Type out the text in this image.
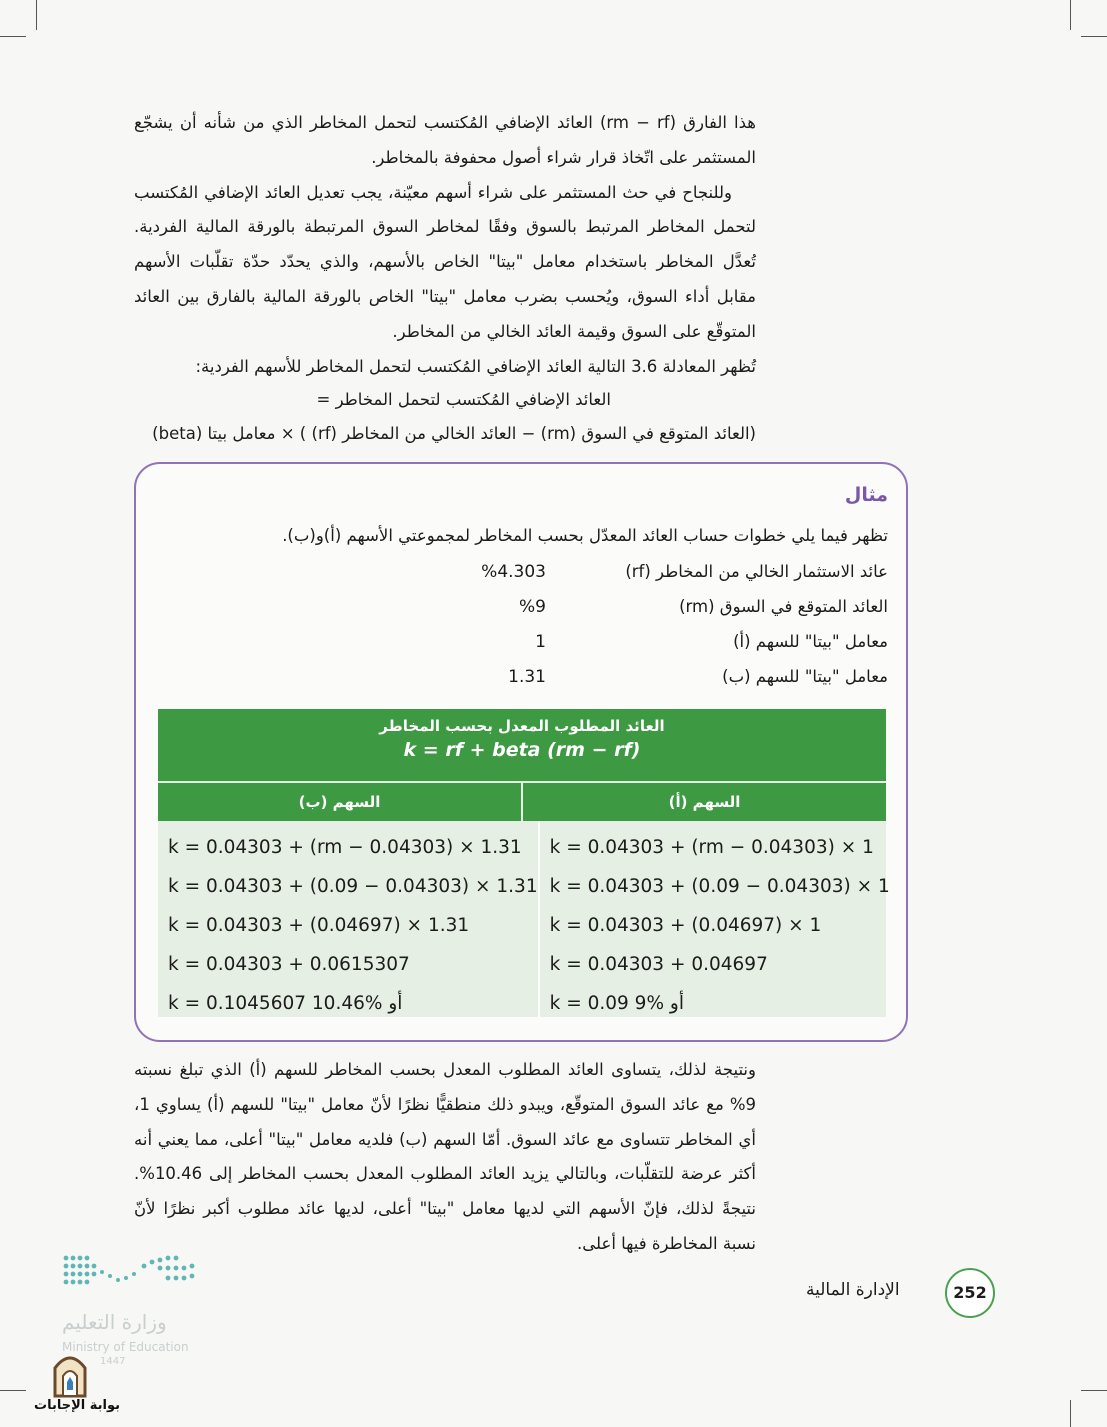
هذا الفارق (rm − rf) العائد الإضافي المُكتسب لتحمل المخاطر الذي من شأنه أن يشجّع المستثمر على اتّخاذ قرار شراء أصول محفوفة بالمخاطر.

وللنجاح في حث المستثمر على شراء أسهم معيّنة، يجب تعديل العائد الإضافي المُكتسب لتحمل المخاطر المرتبط بالسوق وفقًا لمخاطر السوق المرتبطة بالورقة المالية الفردية. تُعدَّل المخاطر باستخدام معامل "بيتا" الخاص بالأسهم، والذي يحدّد حدّة تقلّبات الأسهم مقابل أداء السوق، ويُحسب بضرب معامل "بيتا" الخاص بالورقة المالية بالفارق بين العائد المتوقّع على السوق وقيمة العائد الخالي من المخاطر.

تُظهر المعادلة 3.6 التالية العائد الإضافي المُكتسب لتحمل المخاطر للأسهم الفردية:

العائد الإضافي المُكتسب لتحمل المخاطر =
(العائد المتوقع في السوق (rm) − العائد الخالي من المخاطر (rf) ) × معامل بيتا (beta)
مثال
تظهر فيما يلي خطوات حساب العائد المعدّل بحسب المخاطر لمجموعتي الأسهم (أ)و(ب).
عائد الاستثمار الخالي من المخاطر (rf)
%4.303
العائد المتوقع في السوق (rm)
%9
معامل "بيتا" للسهم (أ)
1
معامل "بيتا" للسهم (ب)
1.31
العائد المطلوب المعدل بحسب المخاطر
k = rf + beta (rm − rf)
السهم (ب)	السهم (أ)
k = 0.04303 + (rm − 0.04303) × 1.31
k = 0.04303 + (0.09 − 0.04303) × 1.31
k = 0.04303 + (0.04697) × 1.31
k = 0.04303 + 0.0615307
k = 0.1045607 أو %10.46
k = 0.04303 + (rm − 0.04303) × 1
k = 0.04303 + (0.09 − 0.04303) × 1
k = 0.04303 + (0.04697) × 1
k = 0.04303 + 0.04697
k = 0.09 أو %9

ونتيجة لذلك، يتساوى العائد المطلوب المعدل بحسب المخاطر للسهم (أ) الذي تبلغ نسبته 9% مع عائد السوق المتوقّع، ويبدو ذلك منطقيًّا نظرًا لأنّ معامل "بيتا" للسهم (أ) يساوي 1، أي المخاطر تتساوى مع عائد السوق. أمّا السهم (ب) فلديه معامل "بيتا" أعلى، مما يعني أنه أكثر عرضة للتقلّبات، وبالتالي يزيد العائد المطلوب المعدل بحسب المخاطر إلى 10.46%. نتيجةً لذلك، فإنّ الأسهم التي لديها معامل "بيتا" أعلى، لديها عائد مطلوب أكبر نظرًا لأنّ نسبة المخاطرة فيها أعلى.

252
الإدارة المالية
وزارة التعليم
Ministry of Education
1447
بوابة الإجابات
